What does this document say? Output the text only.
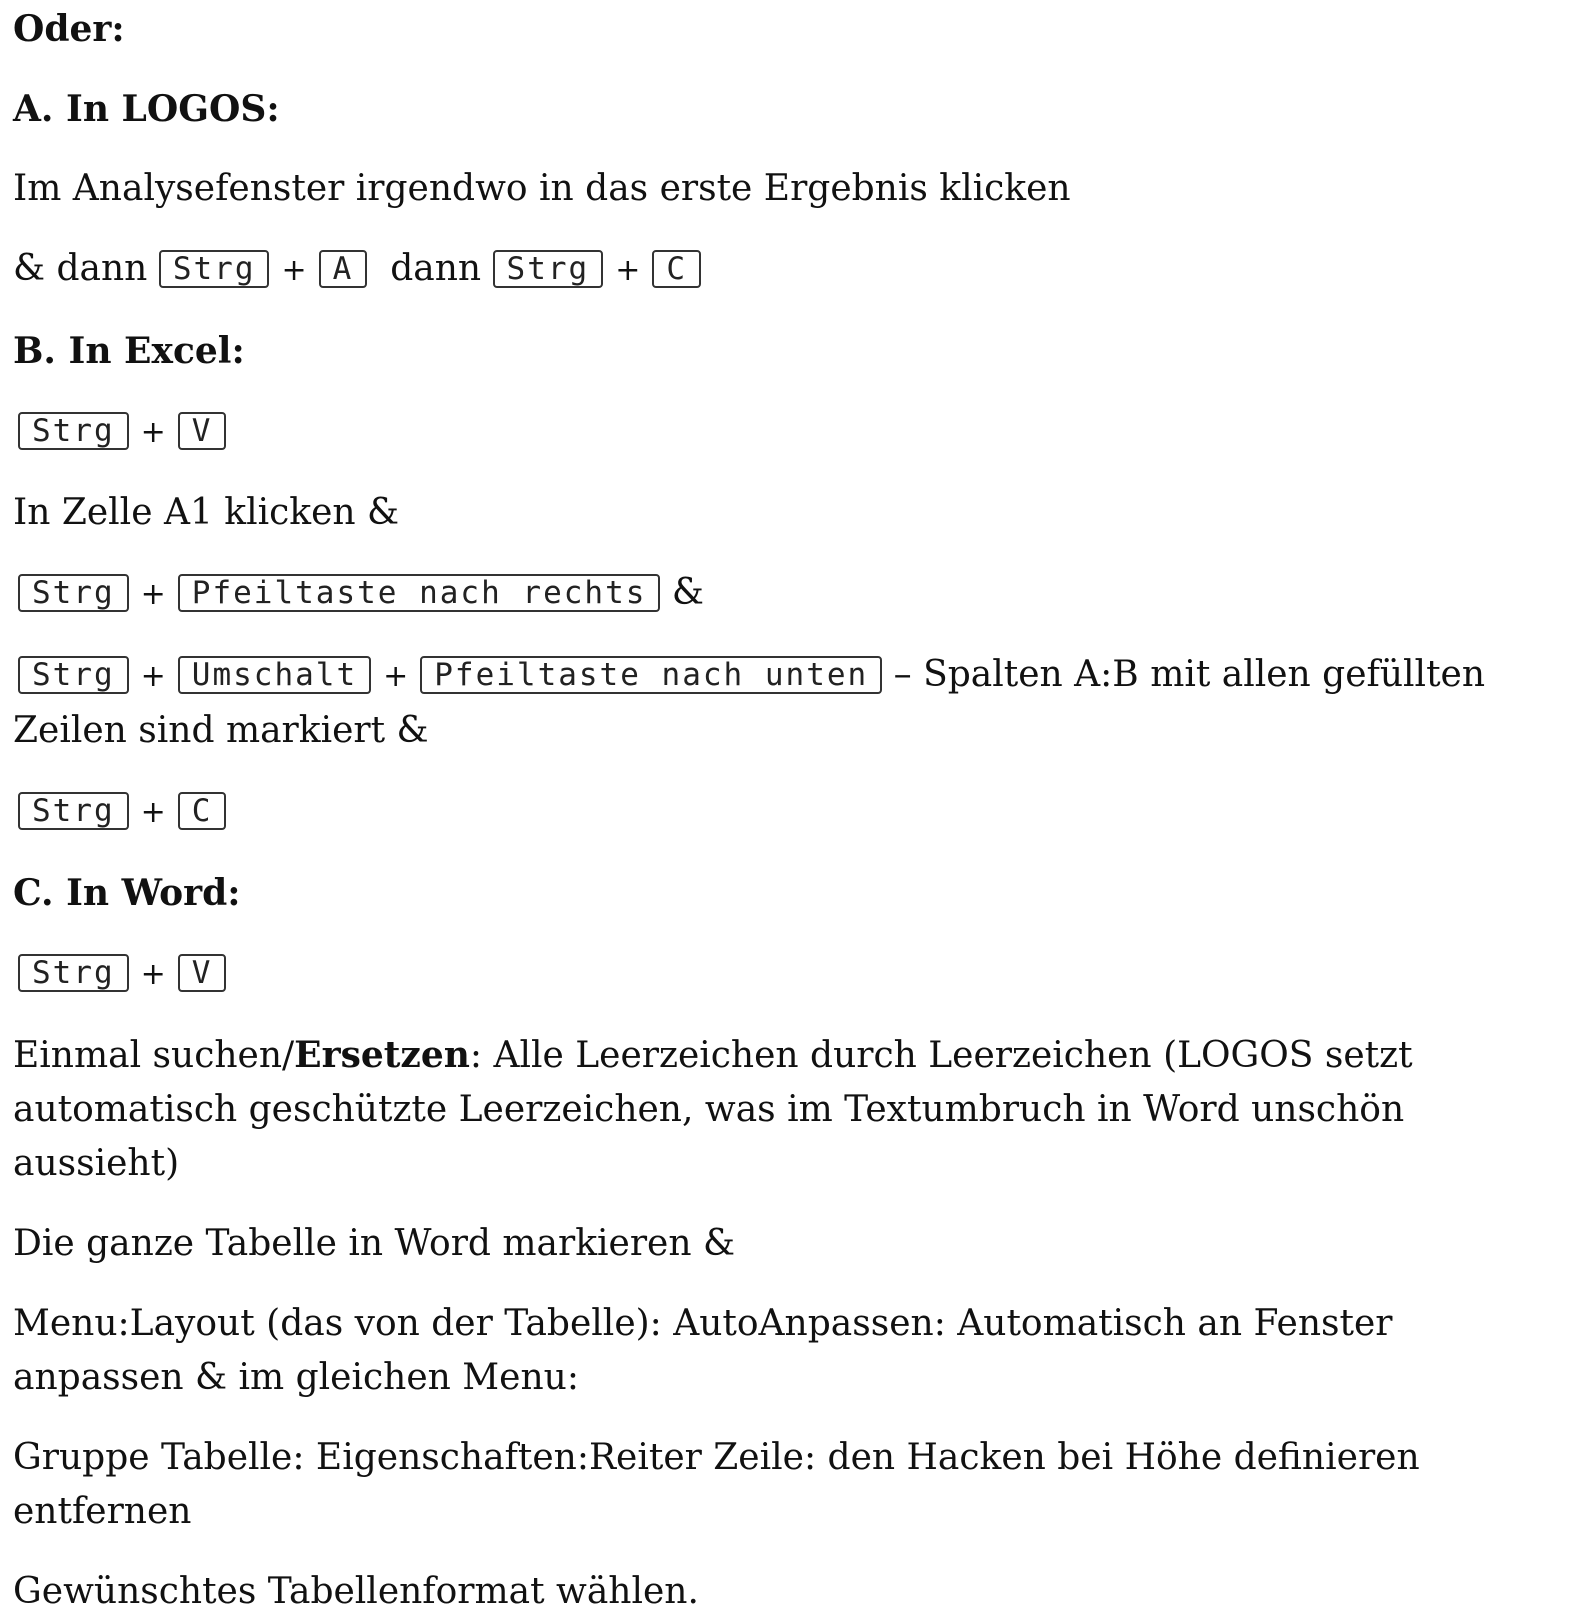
Oder:
A. In LOGOS:

Im Analysefenster irgendwo in das erste Ergebnis klicken

& dann Strg + A dann Strg + C

B. In Excel:

Strg + V

In Zelle A1 klicken &

Strg + Pfeiltaste nach rechts &

Strg + Umschalt + Pfeiltaste nach unten – Spalten A:B mit allen gefüllten Zeilen sind markiert &

Strg + C

C. In Word:

Strg + V

Einmal suchen/Ersetzen: Alle Leerzeichen durch Leerzeichen (LOGOS setzt automatisch geschützte Leerzeichen, was im Textumbruch in Word unschön aussieht)

Die ganze Tabelle in Word markieren &

Menu:Layout (das von der Tabelle): AutoAnpassen: Automatisch an Fenster anpassen & im gleichen Menu:

Gruppe Tabelle: Eigenschaften:Reiter Zeile: den Hacken bei Höhe definieren entfernen

Gewünschtes Tabellenformat wählen.
